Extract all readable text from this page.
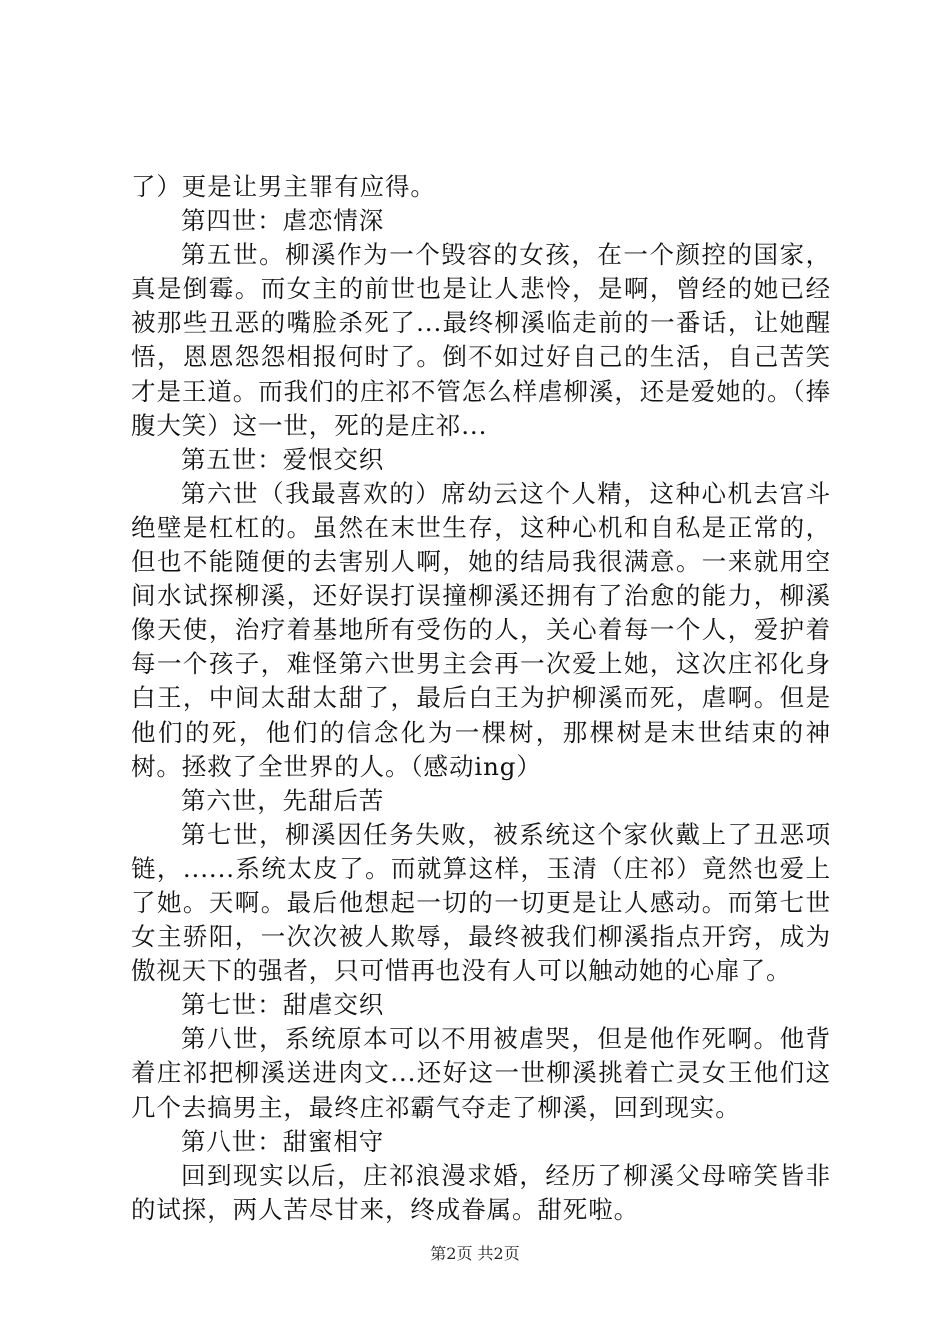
了）更是让男主罪有应得。

第四世：虐恋情深

第五世。柳溪作为一个毁容的女孩，在一个颜控的国家，真是倒霉。而女主的前世也是让人悲怜，是啊，曾经的她已经被那些丑恶的嘴脸杀死了...最终柳溪临走前的一番话，让她醒悟，恩恩怨怨相报何时了。倒不如过好自己的生活，自己苦笑才是王道。而我们的庄祁不管怎么样虐柳溪，还是爱她的。（捧腹大笑）这一世，死的是庄祁...

第五世：爱恨交织

第六世（我最喜欢的）席幼云这个人精，这种心机去宫斗绝壁是杠杠的。虽然在末世生存，这种心机和自私是正常的，但也不能随便的去害别人啊，她的结局我很满意。一来就用空间水试探柳溪，还好误打误撞柳溪还拥有了治愈的能力，柳溪像天使，治疗着基地所有受伤的人，关心着每一个人，爱护着每一个孩子，难怪第六世男主会再一次爱上她，这次庄祁化身白王，中间太甜太甜了，最后白王为护柳溪而死，虐啊。但是他们的死，他们的信念化为一棵树，那棵树是末世结束的神树。拯救了全世界的人。（感动ing）

第六世，先甜后苦

第七世，柳溪因任务失败，被系统这个家伙戴上了丑恶项链，......系统太皮了。而就算这样，玉清（庄祁）竟然也爱上了她。天啊。最后他想起一切的一切更是让人感动。而第七世女主骄阳，一次次被人欺辱，最终被我们柳溪指点开窍，成为傲视天下的强者，只可惜再也没有人可以触动她的心扉了。

第七世：甜虐交织

第八世，系统原本可以不用被虐哭，但是他作死啊。他背着庄祁把柳溪送进肉文...还好这一世柳溪挑着亡灵女王他们这几个去搞男主，最终庄祁霸气夺走了柳溪，回到现实。

第八世：甜蜜相守

回到现实以后，庄祁浪漫求婚，经历了柳溪父母啼笑皆非的试探，两人苦尽甘来，终成眷属。甜死啦。

第2页 共2页
